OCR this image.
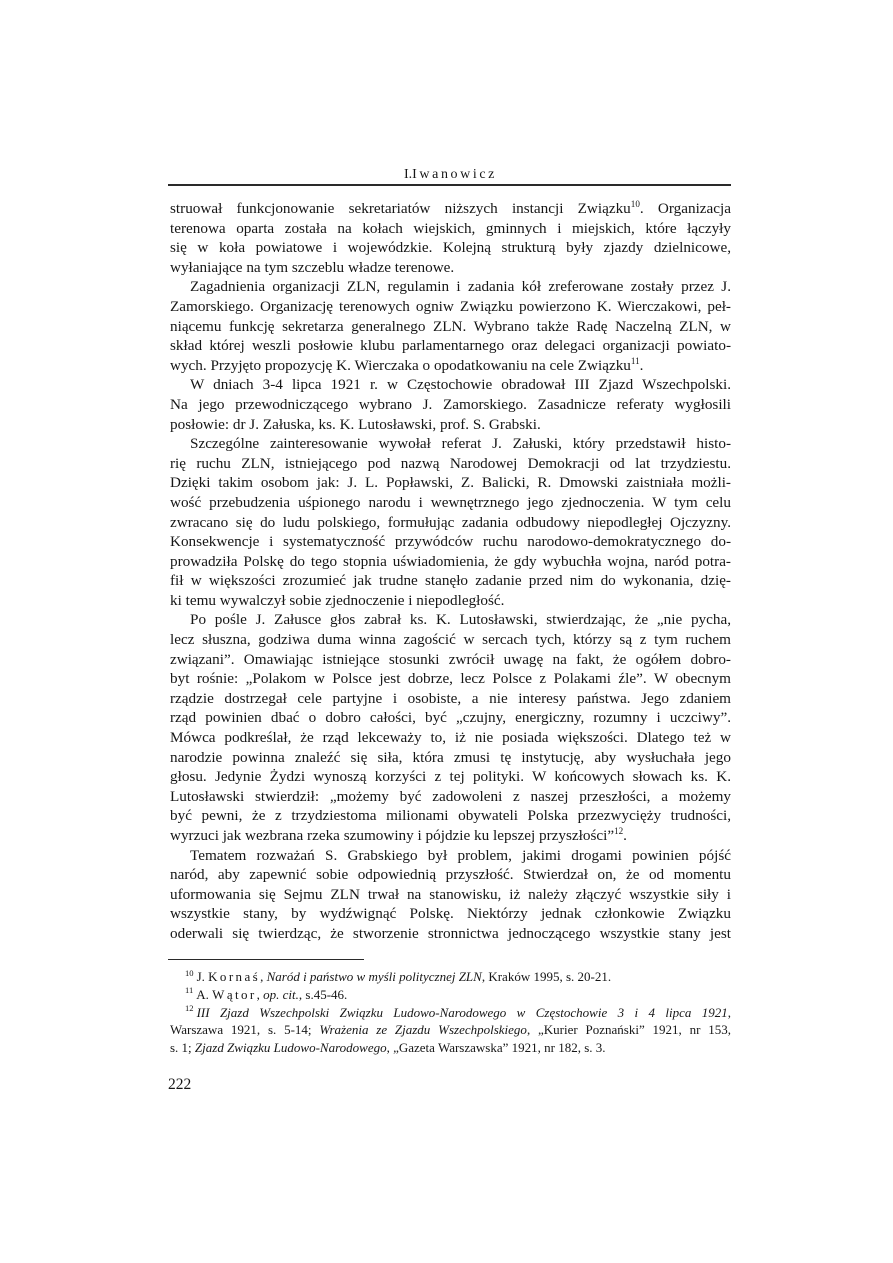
I.Iwanowicz
struował funkcjonowanie sekretariatów niższych instancji Związku$^{10}$. Organizacja
terenowa oparta została na kołach wiejskich, gminnych i miejskich, które łączyły
się w koła powiatowe i wojewódzkie. Kolejną strukturą były zjazdy dzielnicowe,
wyłaniające na tym szczeblu władze terenowe.
Zagadnienia organizacji ZLN, regulamin i zadania kół zreferowane zostały przez J.
Zamorskiego. Organizację terenowych ogniw Związku powierzono K. Wierczakowi, peł-
niącemu funkcję sekretarza generalnego ZLN. Wybrano także Radę Naczelną ZLN, w
skład której weszli posłowie klubu parlamentarnego oraz delegaci organizacji powiato-
wych. Przyjęto propozycję K. Wierczaka o opodatkowaniu na cele Związku$^{11}$.
W dniach 3-4 lipca 1921 r. w Częstochowie obradował III Zjazd Wszechpolski.
Na jego przewodniczącego wybrano J. Zamorskiego. Zasadnicze referaty wygłosili
posłowie: dr J. Załuska, ks. K. Lutosławski, prof. S. Grabski.
Szczególne zainteresowanie wywołał referat J. Załuski, który przedstawił histo-
rię ruchu ZLN, istniejącego pod nazwą Narodowej Demokracji od lat trzydziestu.
Dzięki takim osobom jak: J. L. Popławski, Z. Balicki, R. Dmowski zaistniała możli-
wość przebudzenia uśpionego narodu i wewnętrznego jego zjednoczenia. W tym celu
zwracano się do ludu polskiego, formułując zadania odbudowy niepodległej Ojczyzny.
Konsekwencje i systematyczność przywódców ruchu narodowo-demokratycznego do-
prowadziła Polskę do tego stopnia uświadomienia, że gdy wybuchła wojna, naród potra-
fił w większości zrozumieć jak trudne stanęło zadanie przed nim do wykonania, dzię-
ki temu wywalczył sobie zjednoczenie i niepodległość.
Po pośle J. Załusce głos zabrał ks. K. Lutosławski, stwierdzając, że „nie pycha,
lecz słuszna, godziwa duma winna zagościć w sercach tych, którzy są z tym ruchem
związani”. Omawiając istniejące stosunki zwrócił uwagę na fakt, że ogółem dobro-
byt rośnie: „Polakom w Polsce jest dobrze, lecz Polsce z Polakami źle”. W obecnym
rządzie dostrzegał cele partyjne i osobiste, a nie interesy państwa. Jego zdaniem
rząd powinien dbać o dobro całości, być „czujny, energiczny, rozumny i uczciwy”.
Mówca podkreślał, że rząd lekceważy to, iż nie posiada większości. Dlatego też w
narodzie powinna znaleźć się siła, która zmusi tę instytucję, aby wysłuchała jego
głosu. Jedynie Żydzi wynoszą korzyści z tej polityki. W końcowych słowach ks. K.
Lutosławski stwierdził: „możemy być zadowoleni z naszej przeszłości, a możemy
być pewni, że z trzydziestoma milionami obywateli Polska przezwycięży trudności,
wyrzuci jak wezbrana rzeka szumowiny i pójdzie ku lepszej przyszłości”$^{12}$.
Tematem rozważań S. Grabskiego był problem, jakimi drogami powinien pójść
naród, aby zapewnić sobie odpowiednią przyszłość. Stwierdzał on, że od momentu
uformowania się Sejmu ZLN trwał na stanowisku, iż należy złączyć wszystkie siły i
wszystkie stany, by wydźwignąć Polskę. Niektórzy jednak członkowie Związku
oderwali się twierdząc, że stworzenie stronnictwa jednoczącego wszystkie stany jest
$^{10}$ J. Kornaś, Naród i państwo w myśli politycznej ZLN, Kraków 1995, s. 20-21.
$^{11}$ A. Wątor, op. cit., s.45-46.
$^{12}$ III Zjazd Wszechpolski Związku Ludowo-Narodowego w Częstochowie 3 i 4 lipca 1921,
Warszawa 1921, s. 5-14; Wrażenia ze Zjazdu Wszechpolskiego, „Kurier Poznański” 1921, nr 153,
s. 1; Zjazd Związku Ludowo-Narodowego, „Gazeta Warszawska” 1921, nr 182, s. 3.
222
